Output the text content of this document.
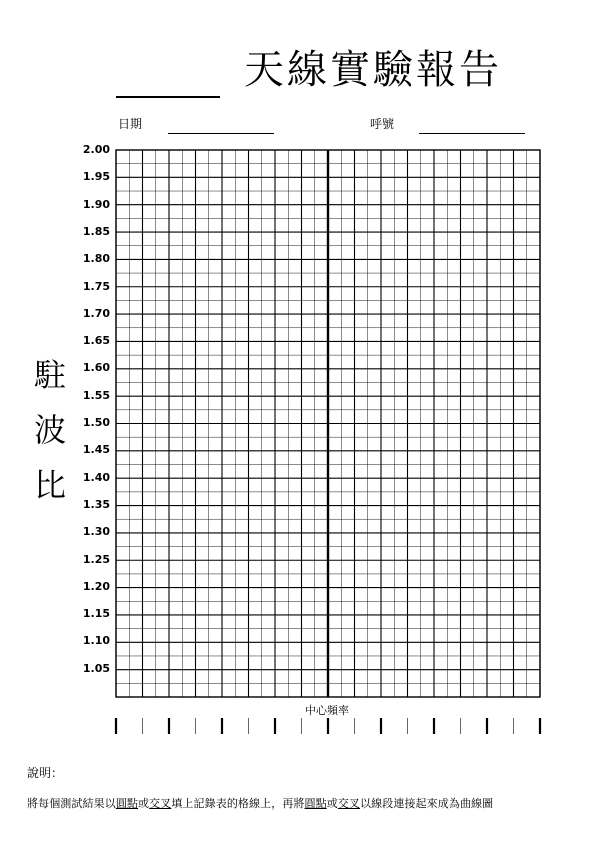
天線實驗報告
日期	呼號
駐
波
比
2.00
1.95
1.90
1.85
1.80
1.75
1.70
1.65
1.60
1.55
1.50
1.45
1.40
1.35
1.30
1.25
1.20
1.15
1.10
1.05
中心頻率
說明：
將每個測試結果以圓點或交叉填上記錄表的格線上，再將圓點或交叉以線段連接起來成為曲線圖
